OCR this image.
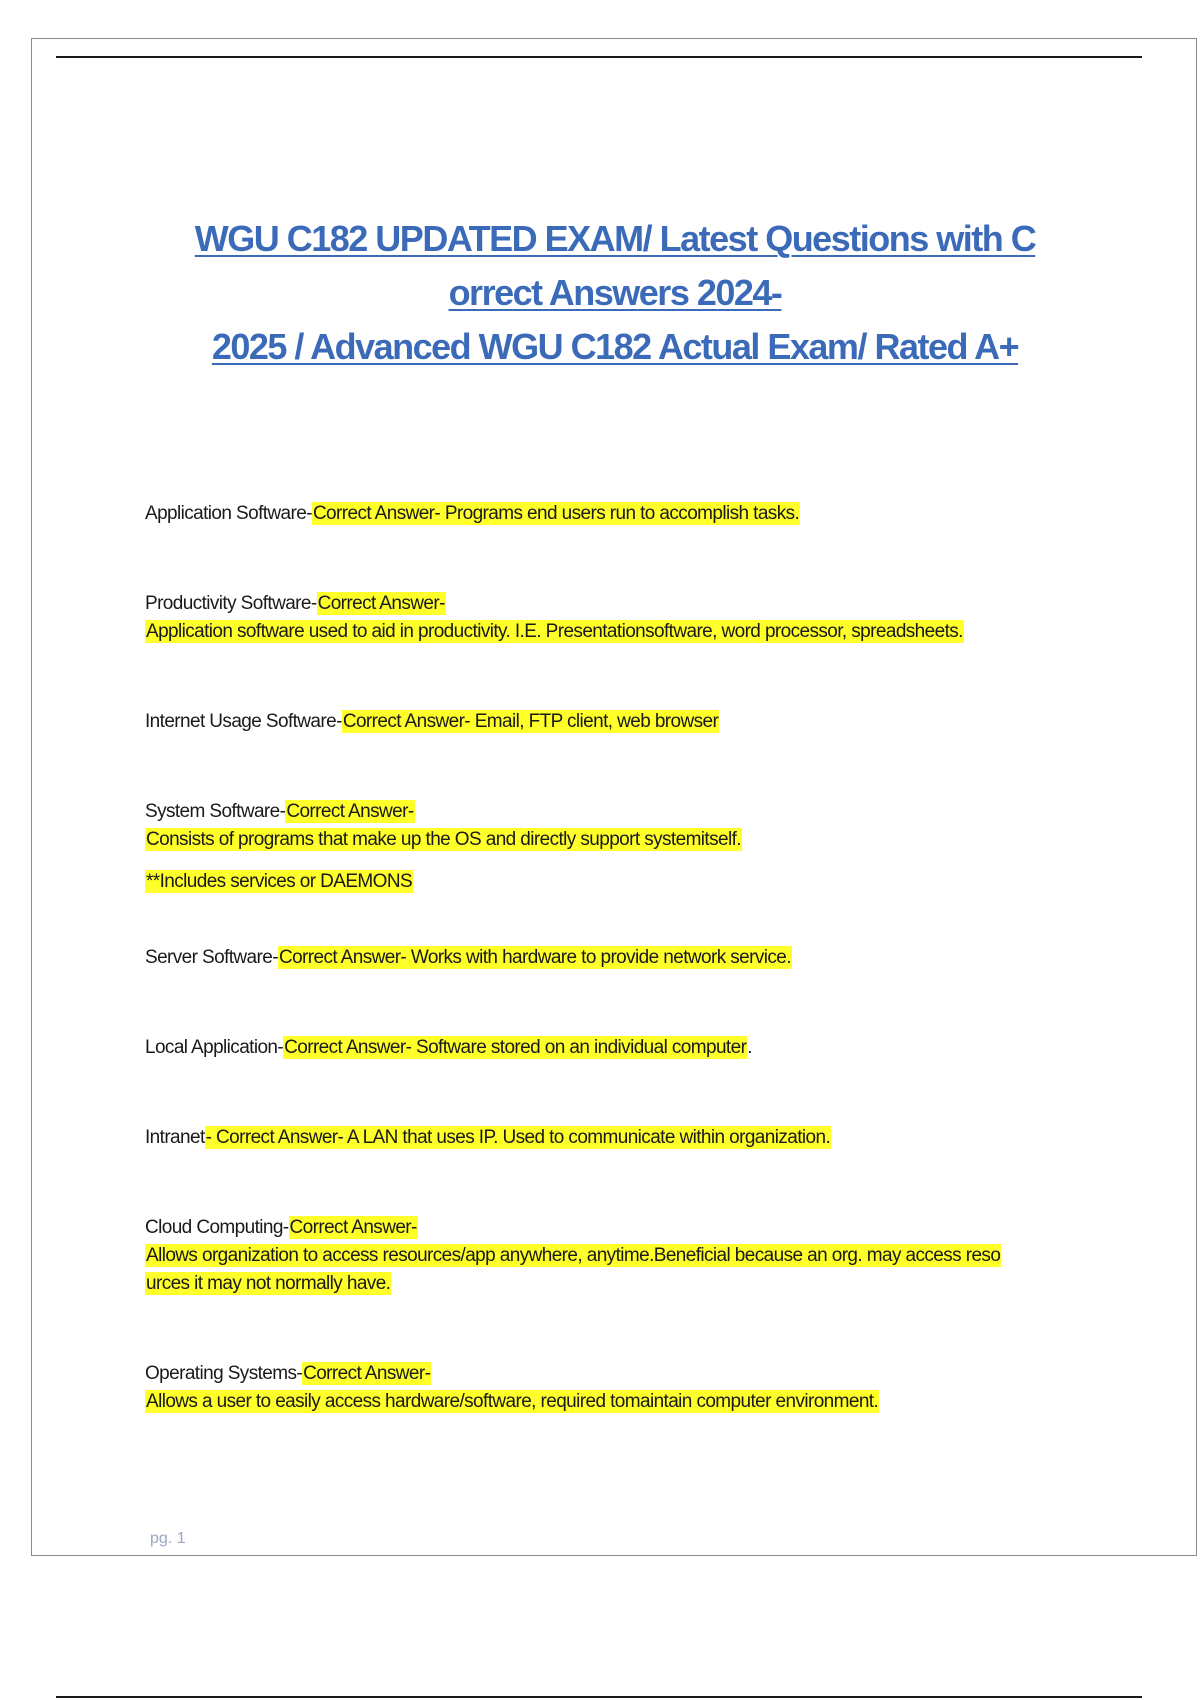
WGU C182 UPDATED EXAM/ Latest Questions with C
orrect Answers 2024-
2025 / Advanced WGU C182 Actual Exam/ Rated A+
Application Software-Correct Answer- Programs end users run to accomplish tasks.
Productivity Software-Correct Answer-
Application software used to aid in productivity. I.E. Presentationsoftware, word processor, spreadsheets.
Internet Usage Software-Correct Answer- Email, FTP client, web browser
System Software-Correct Answer-
Consists of programs that make up the OS and directly support systemitself.
**Includes services or DAEMONS
Server Software-Correct Answer- Works with hardware to provide network service.
Local Application-Correct Answer- Software stored on an individual computer.
Intranet- Correct Answer- A LAN that uses IP. Used to communicate within organization.
Cloud Computing-Correct Answer-
Allows organization to access resources/app anywhere, anytime.Beneficial because an org. may access reso
urces it may not normally have.
Operating Systems-Correct Answer-
Allows a user to easily access hardware/software, required tomaintain computer environment.
pg. 1
